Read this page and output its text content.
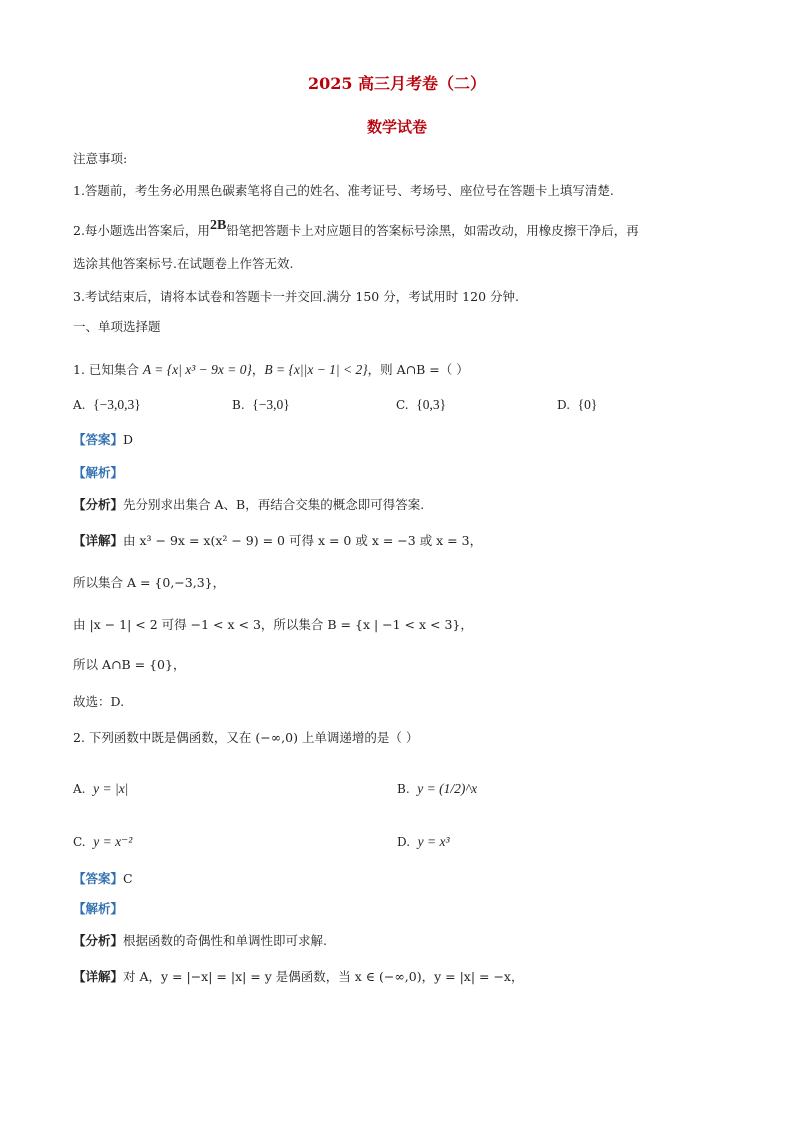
2025 高三月考卷（二）
数学试卷
注意事项:
1.答题前，考生务必用黑色碳素笔将自己的姓名、准考证号、考场号、座位号在答题卡上填写清楚.
2.每小题选出答案后，用2B铅笔把答题卡上对应题目的答案标号涂黑，如需改动，用橡皮擦干净后，再
选涂其他答案标号.在试题卷上作答无效.
3.考试结束后，请将本试卷和答题卡一并交回.满分 150 分，考试用时 120 分钟.
一、单项选择题
1. 已知集合 A = {x| x³ − 9x = 0}，B = {x||x − 1| < 2}，则 A∩B =（ ）
A. {−3,0,3}	B. {−3,0}	C. {0,3}	D. {0}
【答案】D
【解析】
【分析】先分别求出集合 A、B，再结合交集的概念即可得答案.
【详解】由 x³ − 9x = x(x² − 9) = 0 可得 x = 0 或 x = −3 或 x = 3，
所以集合 A = {0,−3,3}，
由 |x − 1| < 2 可得 −1 < x < 3，所以集合 B = {x | −1 < x < 3}，
所以 A∩B = {0}，
故选：D.
2. 下列函数中既是偶函数，又在 (−∞,0) 上单调递增的是（ ）
A. y = |x|	B. y = (1/2)^x
C. y = x⁻²	D. y = x³
【答案】C
【解析】
【分析】根据函数的奇偶性和单调性即可求解.
【详解】对 A，y = |−x| = |x| = y 是偶函数，当 x ∈ (−∞,0)，y = |x| = −x，
